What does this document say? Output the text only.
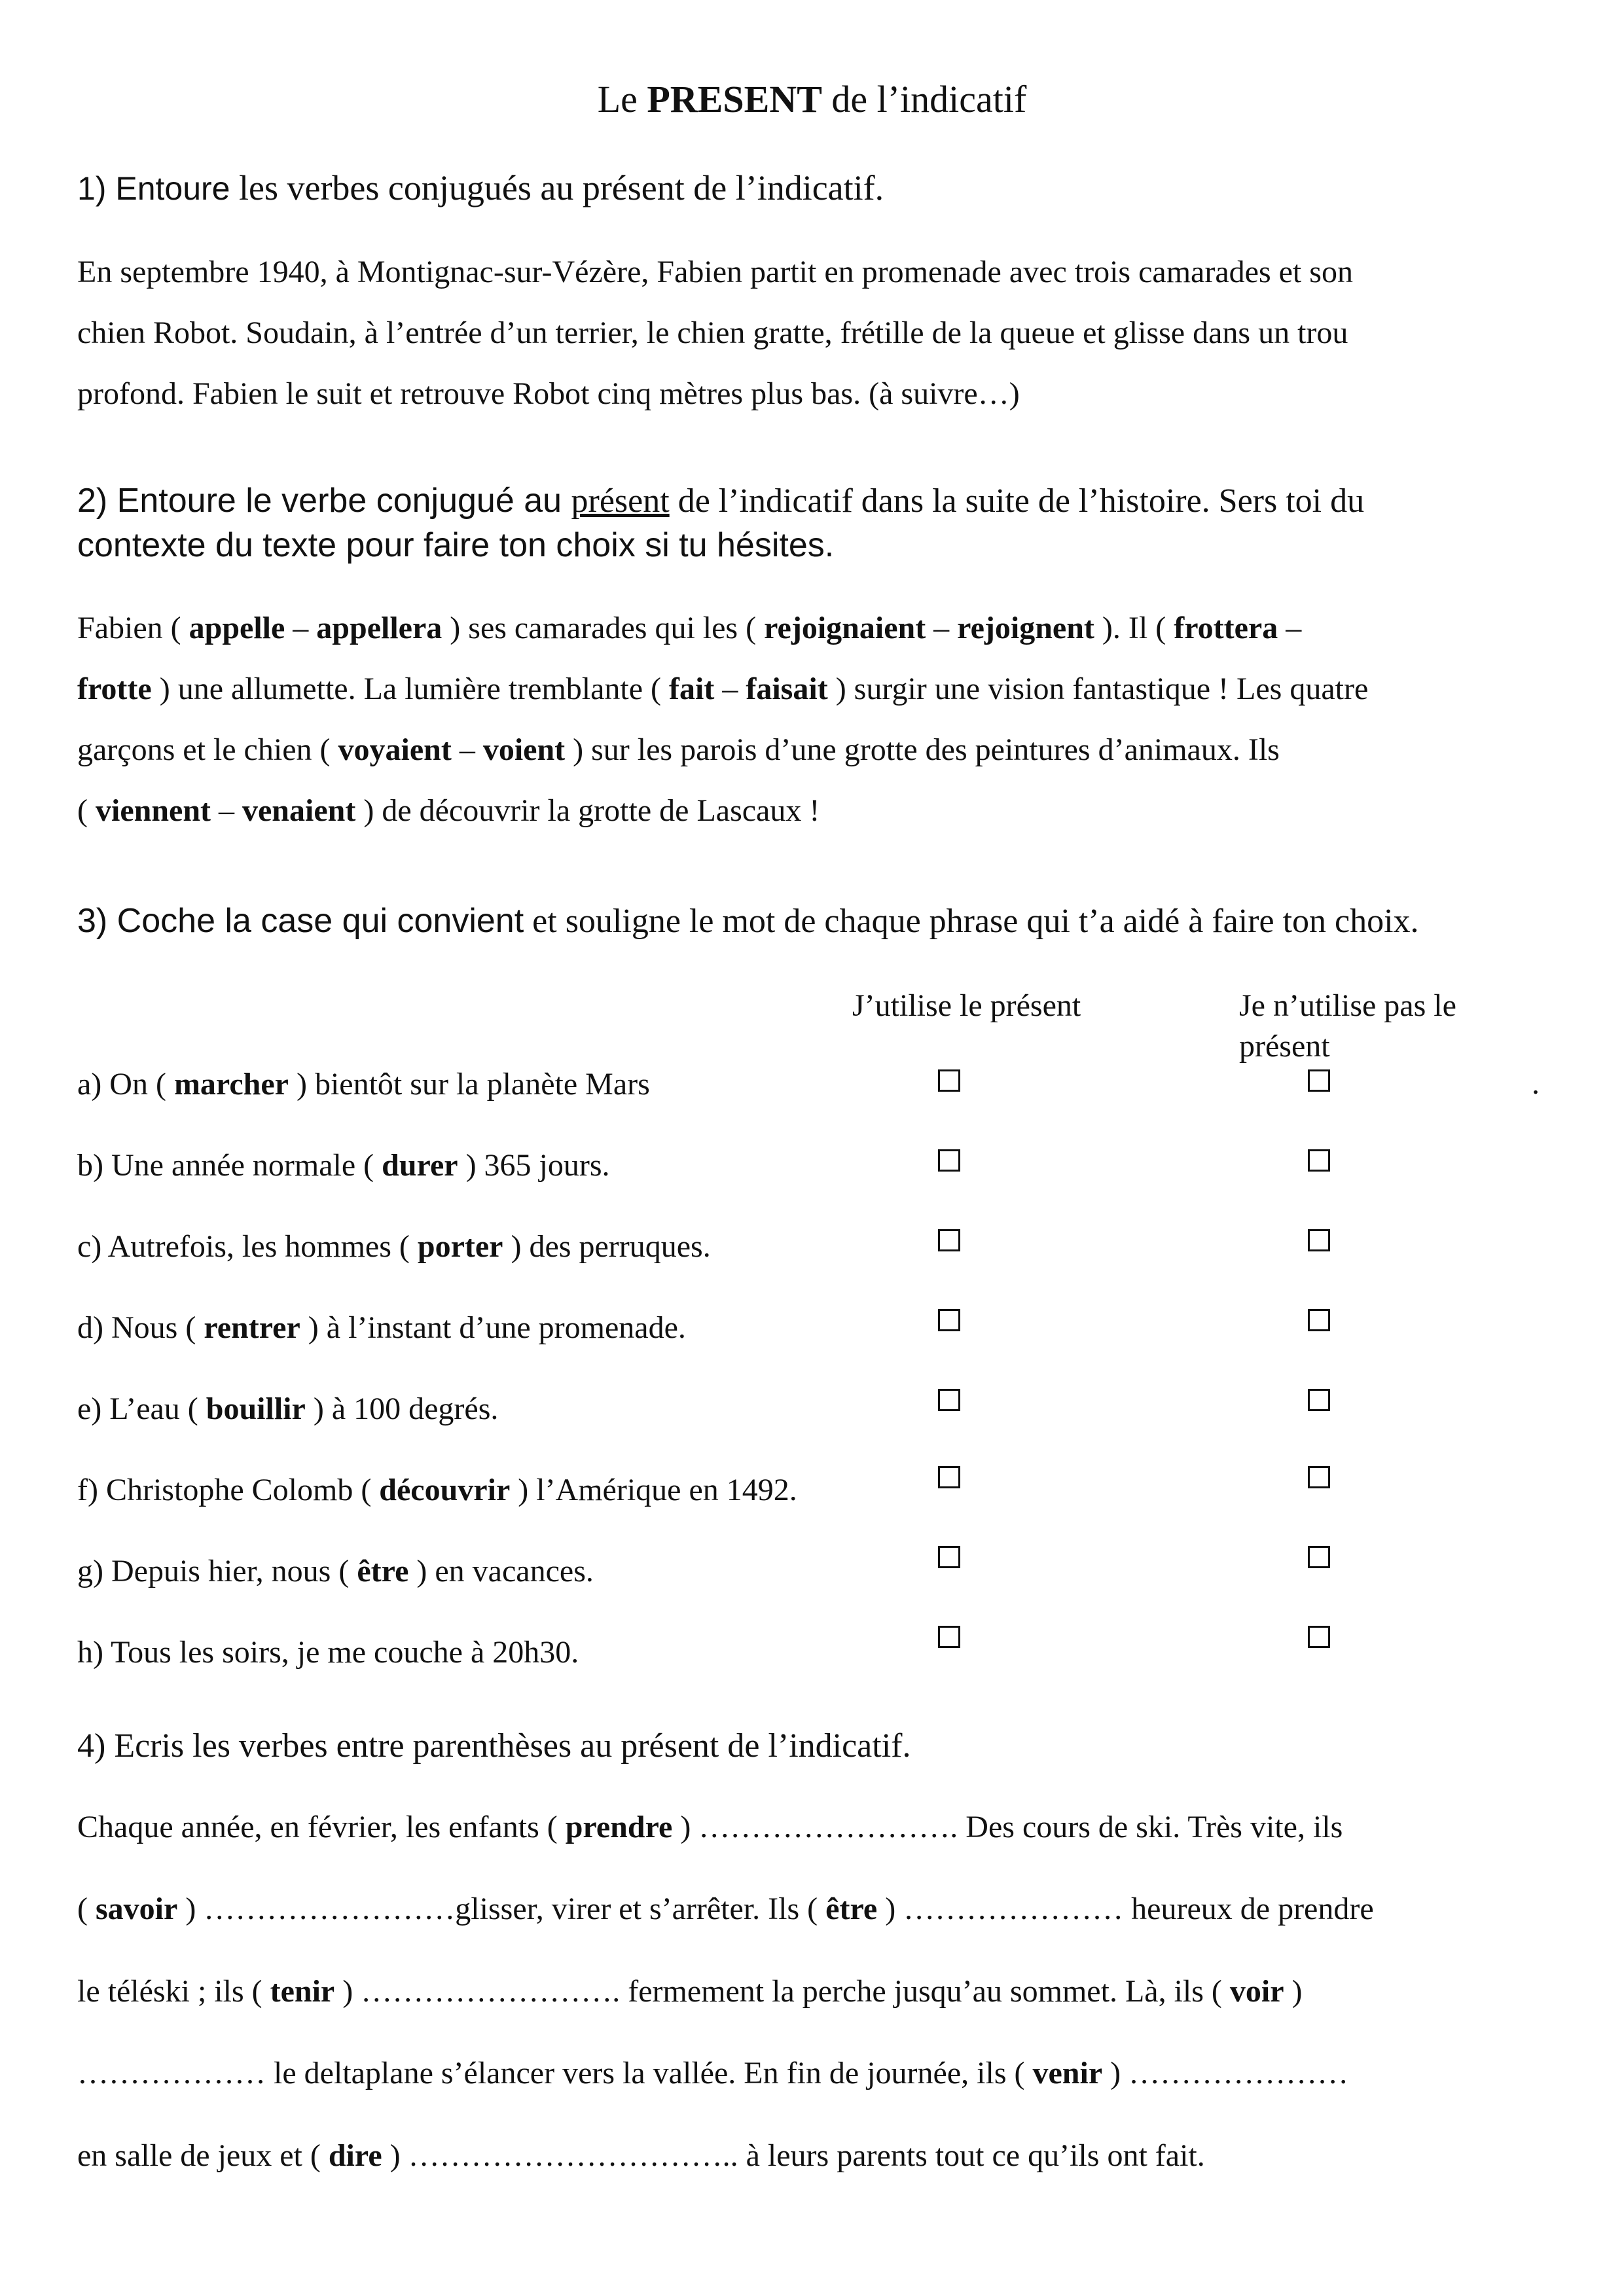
Le PRESENT de l’indicatif
1) Entoure les verbes conjugués au présent de l’indicatif.
En septembre 1940, à Montignac-sur-Vézère, Fabien partit en promenade avec trois camarades et son
chien Robot. Soudain, à l’entrée d’un terrier, le chien gratte, frétille de la queue et glisse dans un trou
profond. Fabien le suit et retrouve Robot cinq mètres plus bas. (à suivre…)
2) Entoure le verbe conjugué au présent de l’indicatif dans la suite de l’histoire. Sers toi du
contexte du texte pour faire ton choix si tu hésites.
Fabien ( appelle – appellera ) ses camarades qui les ( rejoignaient – rejoignent ). Il ( frottera –
frotte ) une allumette. La lumière tremblante ( fait – faisait ) surgir une vision fantastique ! Les quatre
garçons et le chien ( voyaient – voient ) sur les parois d’une grotte des peintures d’animaux. Ils
( viennent – venaient ) de découvrir la grotte de Lascaux !
3) Coche la case qui convient et souligne le mot de chaque phrase qui t’a aidé à faire ton choix.
J’utilise le présent	Je n’utilise pas le
présent
.
a) On ( marcher ) bientôt sur la planète Mars
b) Une année normale ( durer ) 365 jours.
c) Autrefois, les hommes ( porter ) des perruques.
d) Nous ( rentrer ) à l’instant d’une promenade.
e) L’eau ( bouillir ) à 100 degrés.
f) Christophe Colomb ( découvrir ) l’Amérique en 1492.
g) Depuis hier, nous ( être ) en vacances.
h) Tous les soirs, je me couche à 20h30.
4) Ecris les verbes entre parenthèses au présent de l’indicatif.
Chaque année, en février, les enfants ( prendre ) ……………………. Des cours de ski. Très vite, ils
( savoir ) ……………………glisser, virer et s’arrêter. Ils ( être ) ………………… heureux de prendre
le téléski ; ils ( tenir ) ……………………. fermement la perche jusqu’au sommet. Là, ils ( voir )
……………… le deltaplane s’élancer vers la vallée. En fin de journée, ils ( venir ) …………………
en salle de jeux et ( dire ) ………………………….. à leurs parents tout ce qu’ils ont fait.
